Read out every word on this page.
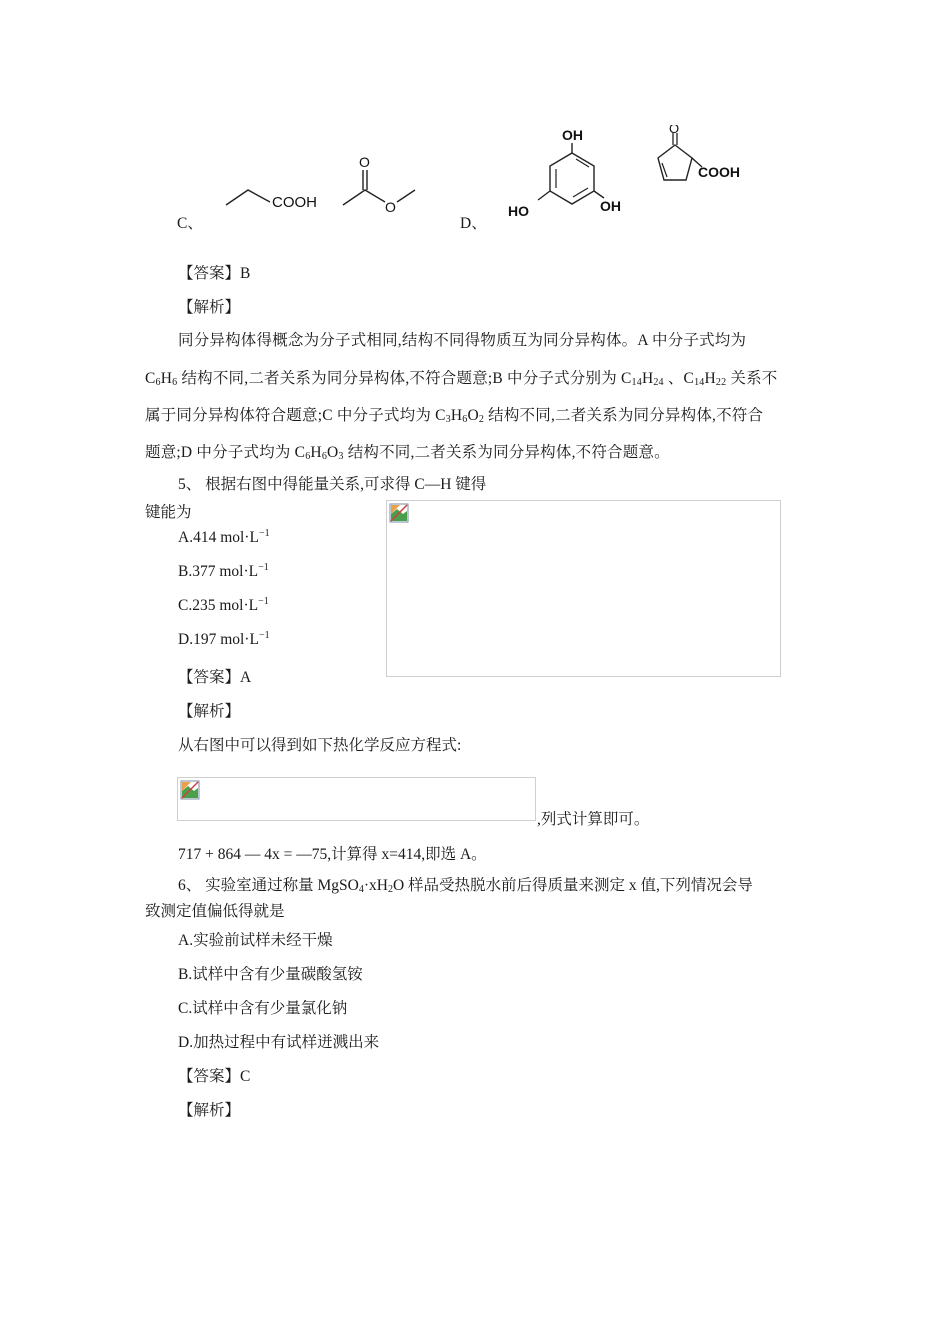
C、
COOH
O
O
D、
OH
HO	OH
O
COOH
【答案】B
【解析】
同分异构体得概念为分子式相同,结构不同得物质互为同分异构体。A 中分子式均为
$C_6H_6$ 结构不同,二者关系为同分异构体,不符合题意;B 中分子式分别为 $C_{14}H_{24}$ 、$C_{14}H_{22}$ 关系不
属于同分异构体符合题意;C 中分子式均为 $C_3H_6O_2$ 结构不同,二者关系为同分异构体,不符合
题意;D 中分子式均为 $C_6H_6O_3$ 结构不同,二者关系为同分异构体,不符合题意。
5、 根据右图中得能量关系,可求得 C—H 键得
键能为
A.414 $mol\cdot L^{-1}$
B.377 $mol\cdot L^{-1}$
C.235 $mol\cdot L^{-1}$
D.197 $mol\cdot L^{-1}$
【答案】A
【解析】
从右图中可以得到如下热化学反应方程式:
,列式计算即可。
717 + 864 — 4x = —75,计算得 x=414,即选 A。
6、 实验室通过称量 $MgSO_4\cdot xH_2O$ 样品受热脱水前后得质量来测定 x 值,下列情况会导
致测定值偏低得就是
A.实验前试样未经干燥
B.试样中含有少量碳酸氢铵
C.试样中含有少量氯化钠
D.加热过程中有试样迸溅出来
【答案】C
【解析】
